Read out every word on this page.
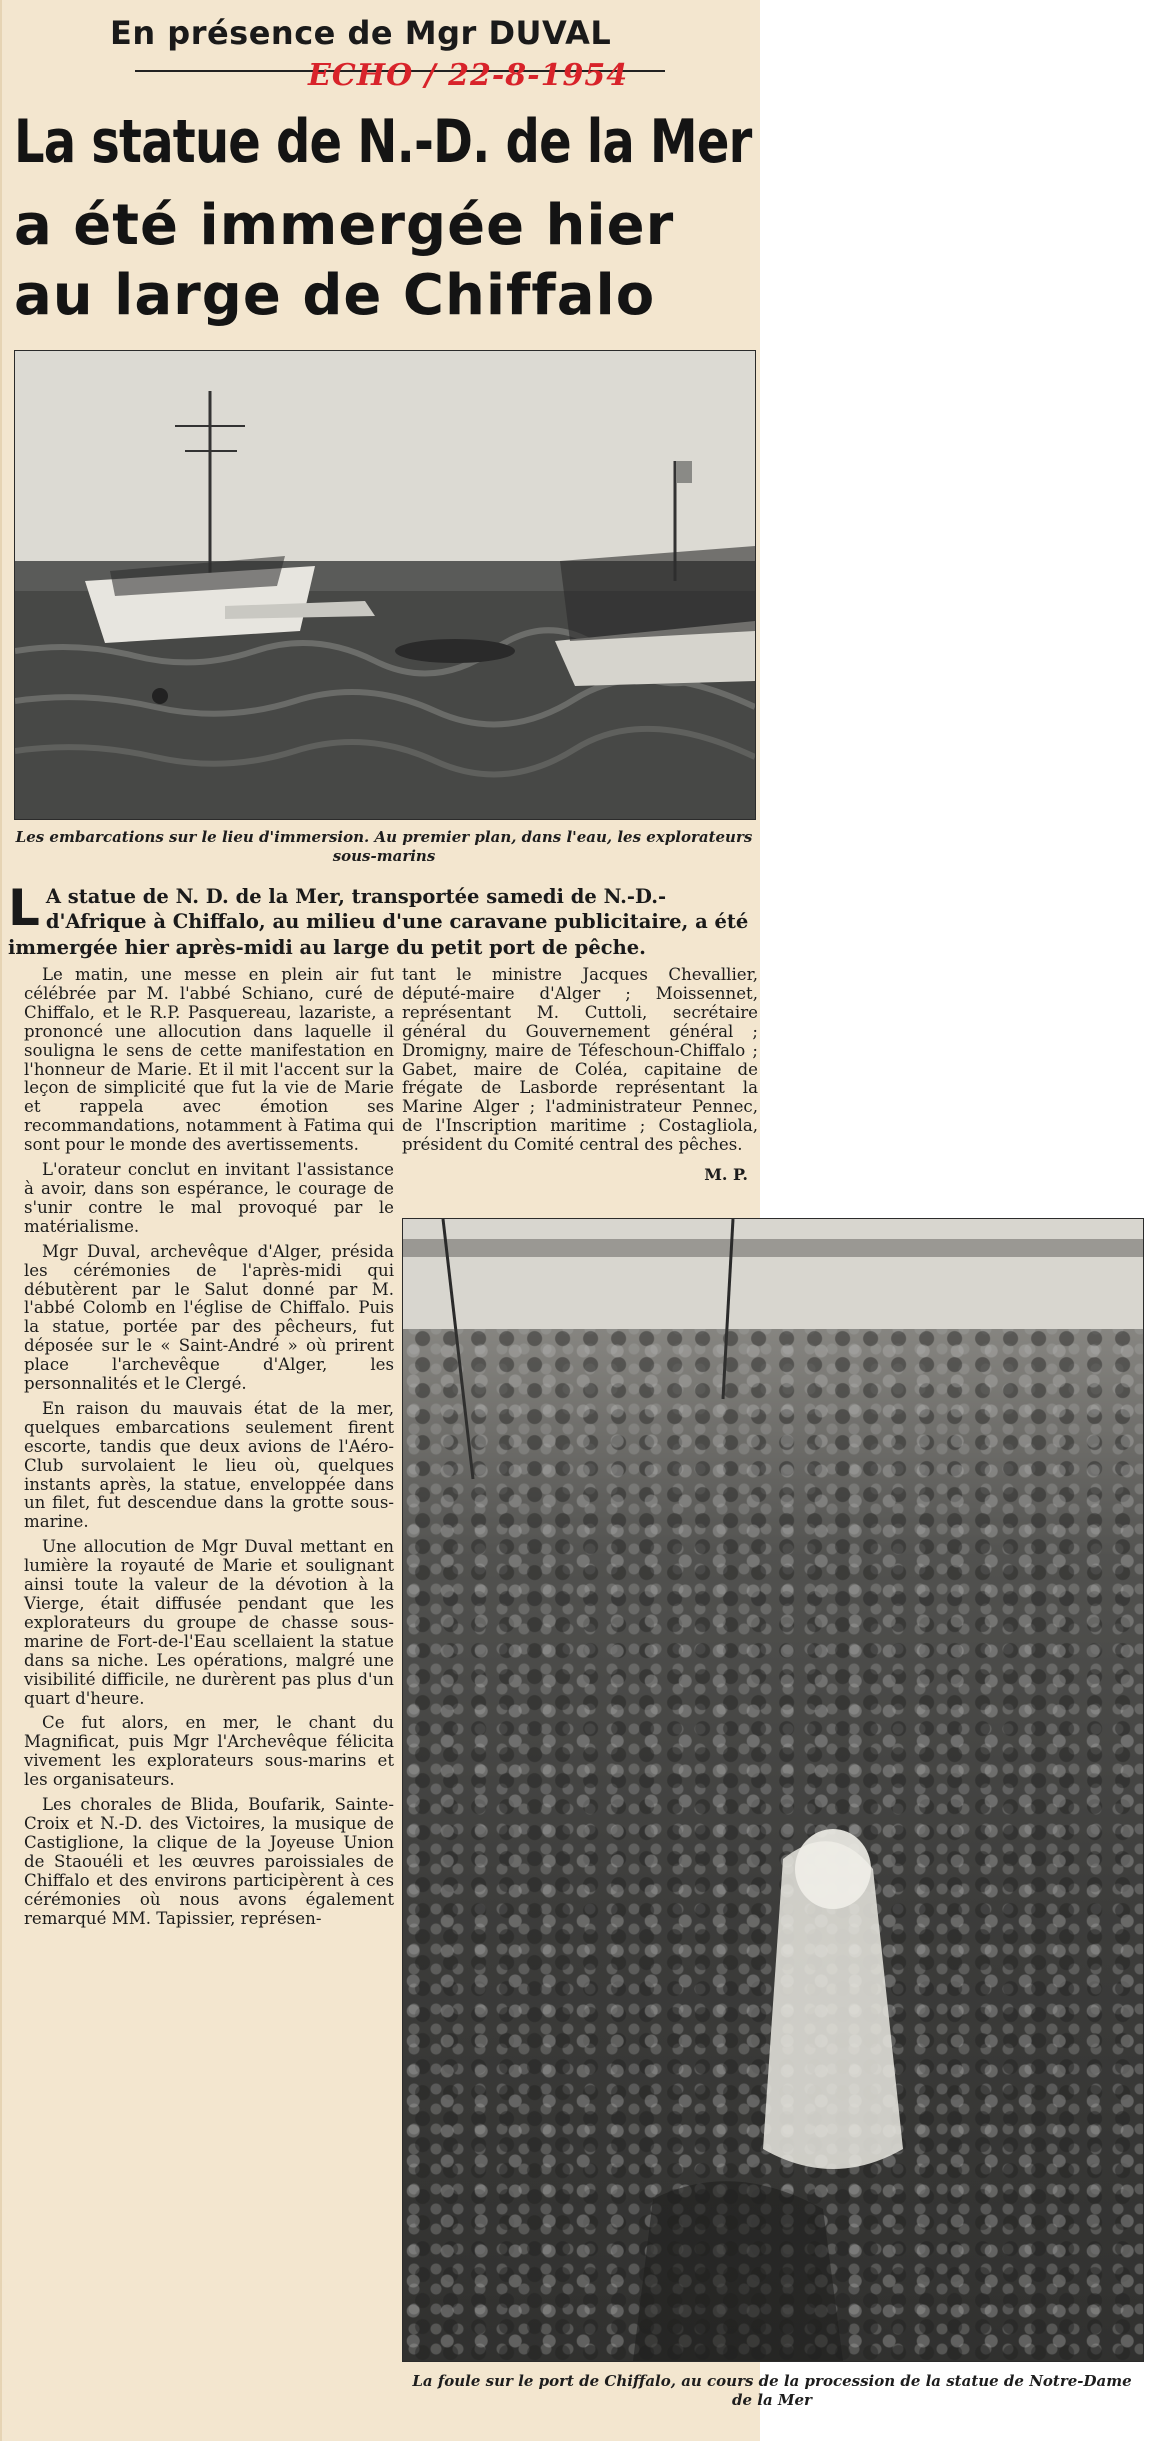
En présence de Mgr DUVAL
ECHO / 22-8-1954
La statue de N.-D. de la Mer
a été immergée hier
au large de Chiffalo
Les embarcations sur le lieu d'immersion. Au premier plan, dans l'eau, les explorateurs sous-marins
L A statue de N. D. de la Mer, transportée samedi de N.-D.-d'Afrique à Chiffalo, au milieu d'une caravane publicitaire, a été immergée hier après-midi au large du petit port de pêche.

Le matin, une messe en plein air fut célébrée par M. l'abbé Schiano, curé de Chiffalo, et le R.P. Pasquereau, lazariste, a prononcé une allocution dans laquelle il souligna le sens de cette manifestation en l'honneur de Marie. Et il mit l'accent sur la leçon de simplicité que fut la vie de Marie et rappela avec émotion ses recommandations, notamment à Fatima qui sont pour le monde des avertissements.

L'orateur conclut en invitant l'assistance à avoir, dans son espérance, le courage de s'unir contre le mal provoqué par le matérialisme.

Mgr Duval, archevêque d'Alger, présida les cérémonies de l'après-midi qui débutèrent par le Salut donné par M. l'abbé Colomb en l'église de Chiffalo. Puis la statue, portée par des pêcheurs, fut déposée sur le « Saint-André » où prirent place l'archevêque d'Alger, les personnalités et le Clergé.

En raison du mauvais état de la mer, quelques embarcations seulement firent escorte, tandis que deux avions de l'Aéro-Club survolaient le lieu où, quelques instants après, la statue, enveloppée dans un filet, fut descendue dans la grotte sous-marine.

Une allocution de Mgr Duval mettant en lumière la royauté de Marie et soulignant ainsi toute la valeur de la dévotion à la Vierge, était diffusée pendant que les explorateurs du groupe de chasse sous-marine de Fort-de-l'Eau scellaient la statue dans sa niche. Les opérations, malgré une visibilité difficile, ne durèrent pas plus d'un quart d'heure.

Ce fut alors, en mer, le chant du Magnificat, puis Mgr l'Archevêque félicita vivement les explorateurs sous-marins et les organisateurs.

Les chorales de Blida, Boufarik, Sainte-Croix et N.-D. des Victoires, la musique de Castiglione, la clique de la Joyeuse Union de Staouéli et les œuvres paroissiales de Chiffalo et des environs participèrent à ces cérémonies où nous avons également remarqué MM. Tapissier, représen-

tant le ministre Jacques Chevallier, député-maire d'Alger ; Moissennet, représentant M. Cuttoli, secrétaire général du Gouvernement général ; Dromigny, maire de Téfeschoun-Chiffalo ; Gabet, maire de Coléa, capitaine de frégate de Lasborde représentant la Marine Alger ; l'administrateur Pennec, de l'Inscription maritime ; Costagliola, président du Comité central des pêches.

M. P.
La foule sur le port de Chiffalo, au cours de la procession de la statue de Notre-Dame de la Mer
